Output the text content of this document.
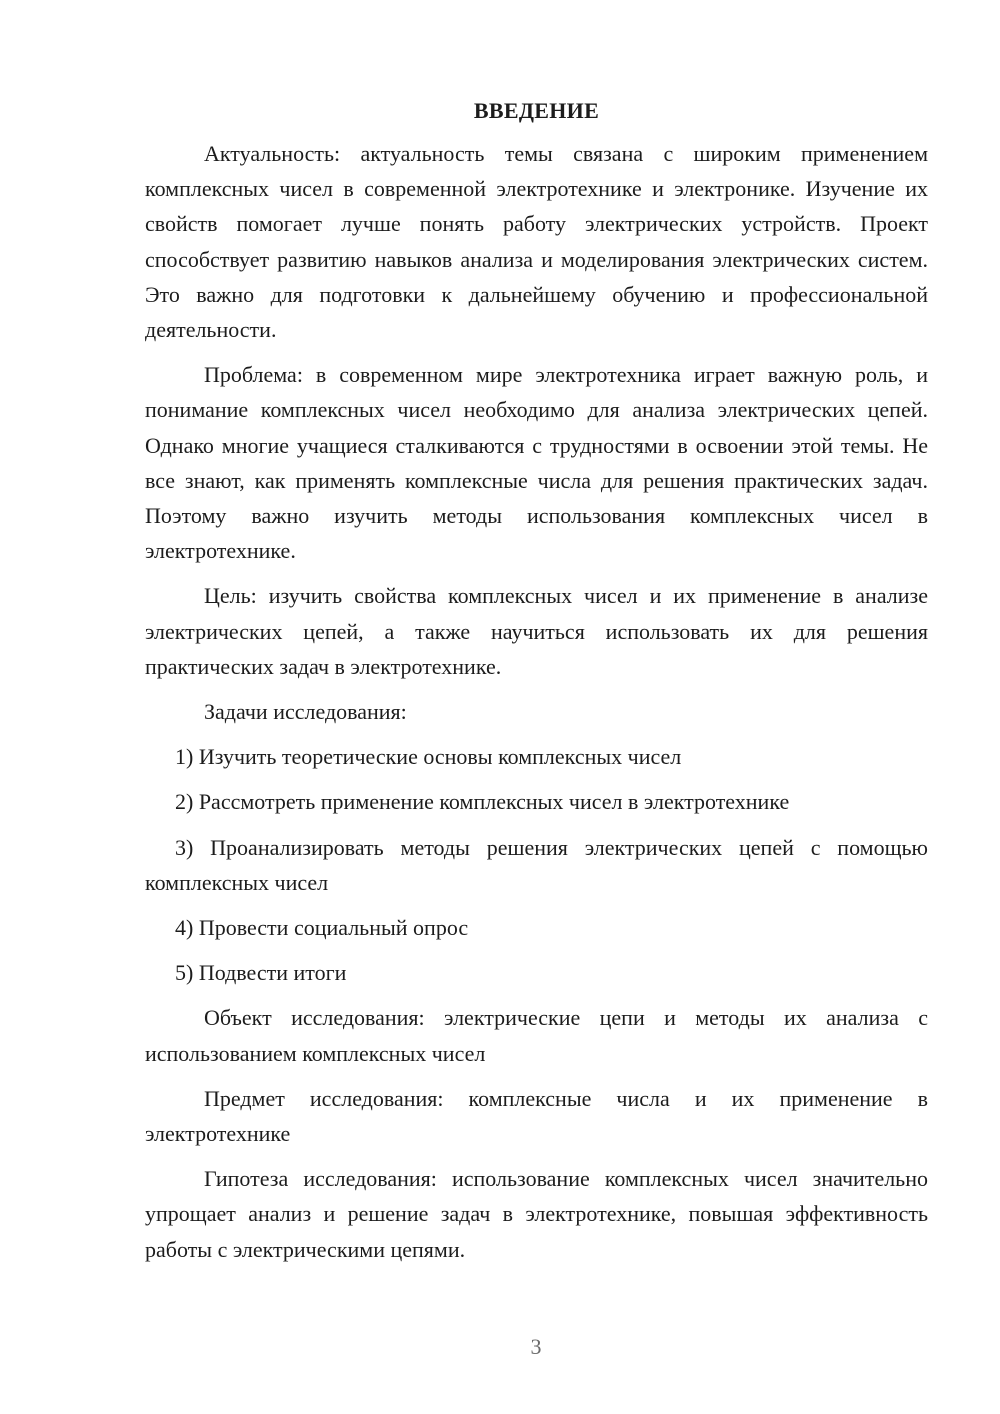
ВВЕДЕНИЕ

Актуальность: актуальность темы связана с широким применением комплексных чисел в современной электротехнике и электронике. Изучение их свойств помогает лучше понять работу электрических устройств. Проект способствует развитию навыков анализа и моделирования электрических систем. Это важно для подготовки к дальнейшему обучению и профессиональной деятельности.

Проблема: в современном мире электротехника играет важную роль, и понимание комплексных чисел необходимо для анализа электрических цепей. Однако многие учащиеся сталкиваются с трудностями в освоении этой темы. Не все знают, как применять комплексные числа для решения практических задач. Поэтому важно изучить методы использования комплексных чисел в электротехнике.

Цель: изучить свойства комплексных чисел и их применение в анализе электрических цепей, а также научиться использовать их для решения практических задач в электротехнике.

Задачи исследования:

1) Изучить теоретические основы комплексных чисел

2) Рассмотреть применение комплексных чисел в электротехнике

3) Проанализировать методы решения электрических цепей с помощью комплексных чисел

4) Провести социальный опрос

5) Подвести итоги

Объект исследования: электрические цепи и методы их анализа с использованием комплексных чисел

Предмет исследования: комплексные числа и их применение в электротехнике

Гипотеза исследования: использование комплексных чисел значительно упрощает анализ и решение задач в электротехнике, повышая эффективность работы с электрическими цепями.

3
